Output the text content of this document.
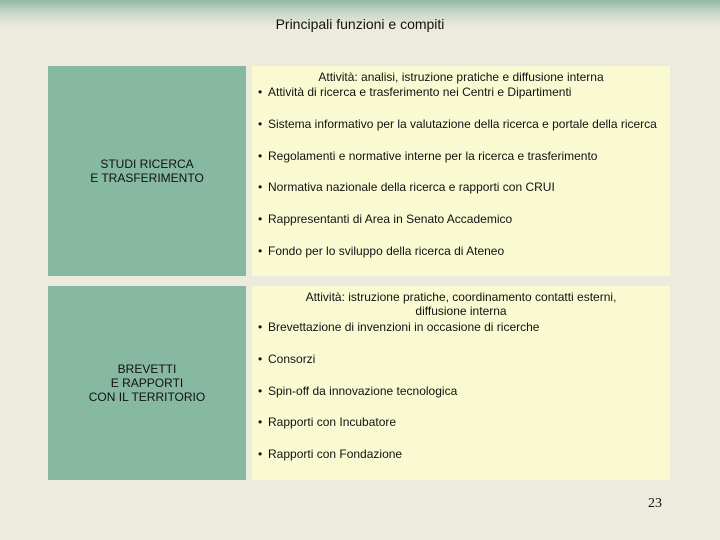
Principali funzioni e compiti
STUDI RICERCA
E TRASFERIMENTO
Attività: analisi, istruzione pratiche e diffusione interna
• Attività di ricerca e trasferimento nei Centri e Dipartimenti
• Sistema informativo per la valutazione della ricerca e portale della ricerca
• Regolamenti e normative interne per la ricerca e trasferimento
• Normativa nazionale della ricerca e rapporti con CRUI
• Rappresentanti di Area in Senato Accademico
• Fondo per lo sviluppo della ricerca di Ateneo
BREVETTI
E RAPPORTI
CON IL TERRITORIO
Attività: istruzione pratiche, coordinamento contatti esterni,
diffusione interna
• Brevettazione di invenzioni in occasione di ricerche
• Consorzi
• Spin-off da innovazione tecnologica
• Rapporti con Incubatore
• Rapporti con Fondazione
23
